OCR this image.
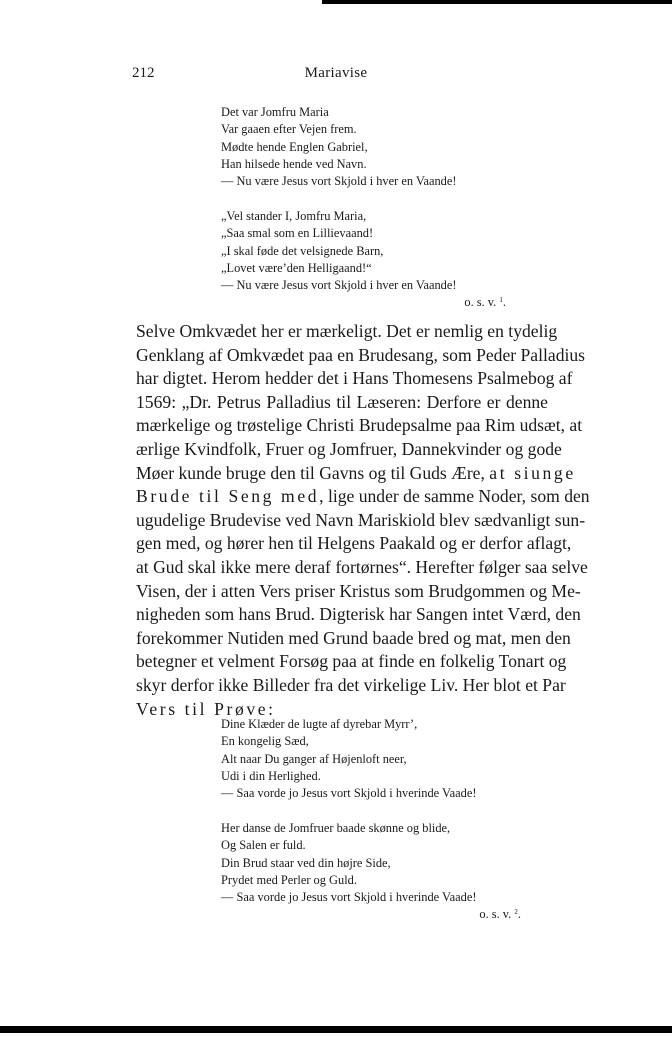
212	Mariavise
Det var Jomfru Maria
Var gaaen efter Vejen frem.
Mødte hende Englen Gabriel,
Han hilsede hende ved Navn.
— Nu være Jesus vort Skjold i hver en Vaande!
„Vel stander I, Jomfru Maria,
„Saa smal som en Lillievaand!
„I skal føde det velsignede Barn,
„Lovet være’den Helligaand!“
— Nu være Jesus vort Skjold i hver en Vaande!
o. s. v. $^1$.
Selve Omkvædet her er mærkeligt. Det er nemlig en tydelig
Genklang af Omkvædet paa en Brudesang, som Peder Palladius
har digtet. Herom hedder det i Hans Thomesens Psalmebog af
1569: „Dr. Petrus Palladius til Læseren: Derfore er denne
mærkelige og trøstelige Christi Brudepsalme paa Rim udsæt, at
ærlige Kvindfolk, Fruer og Jomfruer, Dannekvinder og gode
Møer kunde bruge den til Gavns og til Guds Ære, at siunge
Brude til Seng med, lige under de samme Noder, som den
ugudelige Brudevise ved Navn Mariskiold blev sædvanligt sun-
gen med, og hører hen til Helgens Paakald og er derfor aflagt,
at Gud skal ikke mere deraf fortørnes“. Herefter følger saa selve
Visen, der i atten Vers priser Kristus som Brudgommen og Me-
nigheden som hans Brud. Digterisk har Sangen intet Værd, den
forekommer Nutiden med Grund baade bred og mat, men den
betegner et velment Forsøg paa at finde en folkelig Tonart og
skyr derfor ikke Billeder fra det virkelige Liv. Her blot et Par
Vers til Prøve:
Dine Klæder de lugte af dyrebar Myrr’,
En kongelig Sæd,
Alt naar Du ganger af Højenloft neer,
Udi i din Herlighed.
— Saa vorde jo Jesus vort Skjold i hverinde Vaade!
Her danse de Jomfruer baade skønne og blide,
Og Salen er fuld.
Din Brud staar ved din højre Side,
Prydet med Perler og Guld.
— Saa vorde jo Jesus vort Skjold i hverinde Vaade!
o. s. v. $^2$.
